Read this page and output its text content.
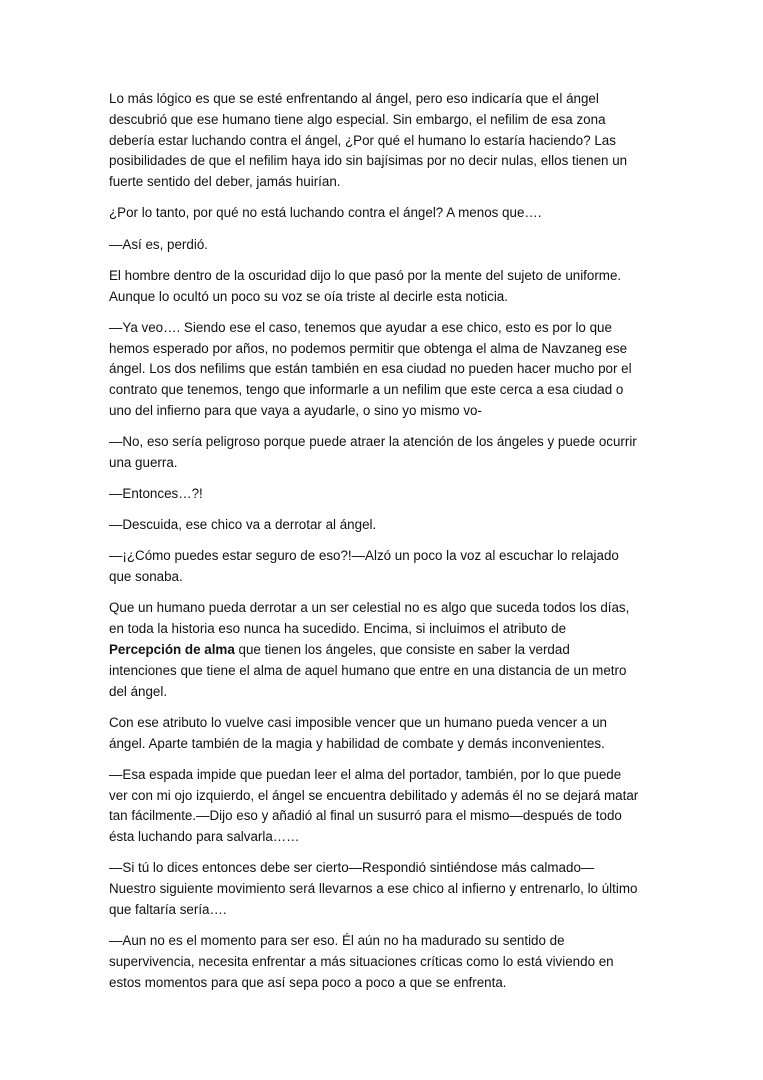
Lo más lógico es que se esté enfrentando al ángel, pero eso indicaría que el ángel descubrió que ese humano tiene algo especial. Sin embargo, el nefilim de esa zona debería estar luchando contra el ángel, ¿Por qué el humano lo estaría haciendo? Las posibilidades de que el nefilim haya ido sin bajísimas por no decir nulas, ellos tienen un fuerte sentido del deber, jamás huirían.

¿Por lo tanto, por qué no está luchando contra el ángel? A menos que….

—Así es, perdió.

El hombre dentro de la oscuridad dijo lo que pasó por la mente del sujeto de uniforme. Aunque lo ocultó un poco su voz se oía triste al decirle esta noticia.

—Ya veo…. Siendo ese el caso, tenemos que ayudar a ese chico, esto es por lo que hemos esperado por años, no podemos permitir que obtenga el alma de Navzaneg ese ángel. Los dos nefilims que están también en esa ciudad no pueden hacer mucho por el contrato que tenemos, tengo que informarle a un nefilim que este cerca a esa ciudad o uno del infierno para que vaya a ayudarle, o sino yo mismo vo-

—No, eso sería peligroso porque puede atraer la atención de los ángeles y puede ocurrir una guerra.

—Entonces…?!

—Descuida, ese chico va a derrotar al ángel.

—¡¿Cómo puedes estar seguro de eso?!—Alzó un poco la voz al escuchar lo relajado que sonaba.

Que un humano pueda derrotar a un ser celestial no es algo que suceda todos los días, en toda la historia eso nunca ha sucedido. Encima, si incluimos el atributo de Percepción de alma que tienen los ángeles, que consiste en saber la verdad intenciones que tiene el alma de aquel humano que entre en una distancia de un metro del ángel.

Con ese atributo lo vuelve casi imposible vencer que un humano pueda vencer a un ángel. Aparte también de la magia y habilidad de combate y demás inconvenientes.

—Esa espada impide que puedan leer el alma del portador, también, por lo que puede ver con mi ojo izquierdo, el ángel se encuentra debilitado y además él no se dejará matar tan fácilmente.—Dijo eso y añadió al final un susurró para el mismo—después de todo ésta luchando para salvarla……

—Si tú lo dices entonces debe ser cierto—Respondió sintiéndose más calmado—Nuestro siguiente movimiento será llevarnos a ese chico al infierno y entrenarlo, lo último que faltaría sería….

—Aun no es el momento para ser eso. Él aún no ha madurado su sentido de supervivencia, necesita enfrentar a más situaciones críticas como lo está viviendo en estos momentos para que así sepa poco a poco a que se enfrenta.
